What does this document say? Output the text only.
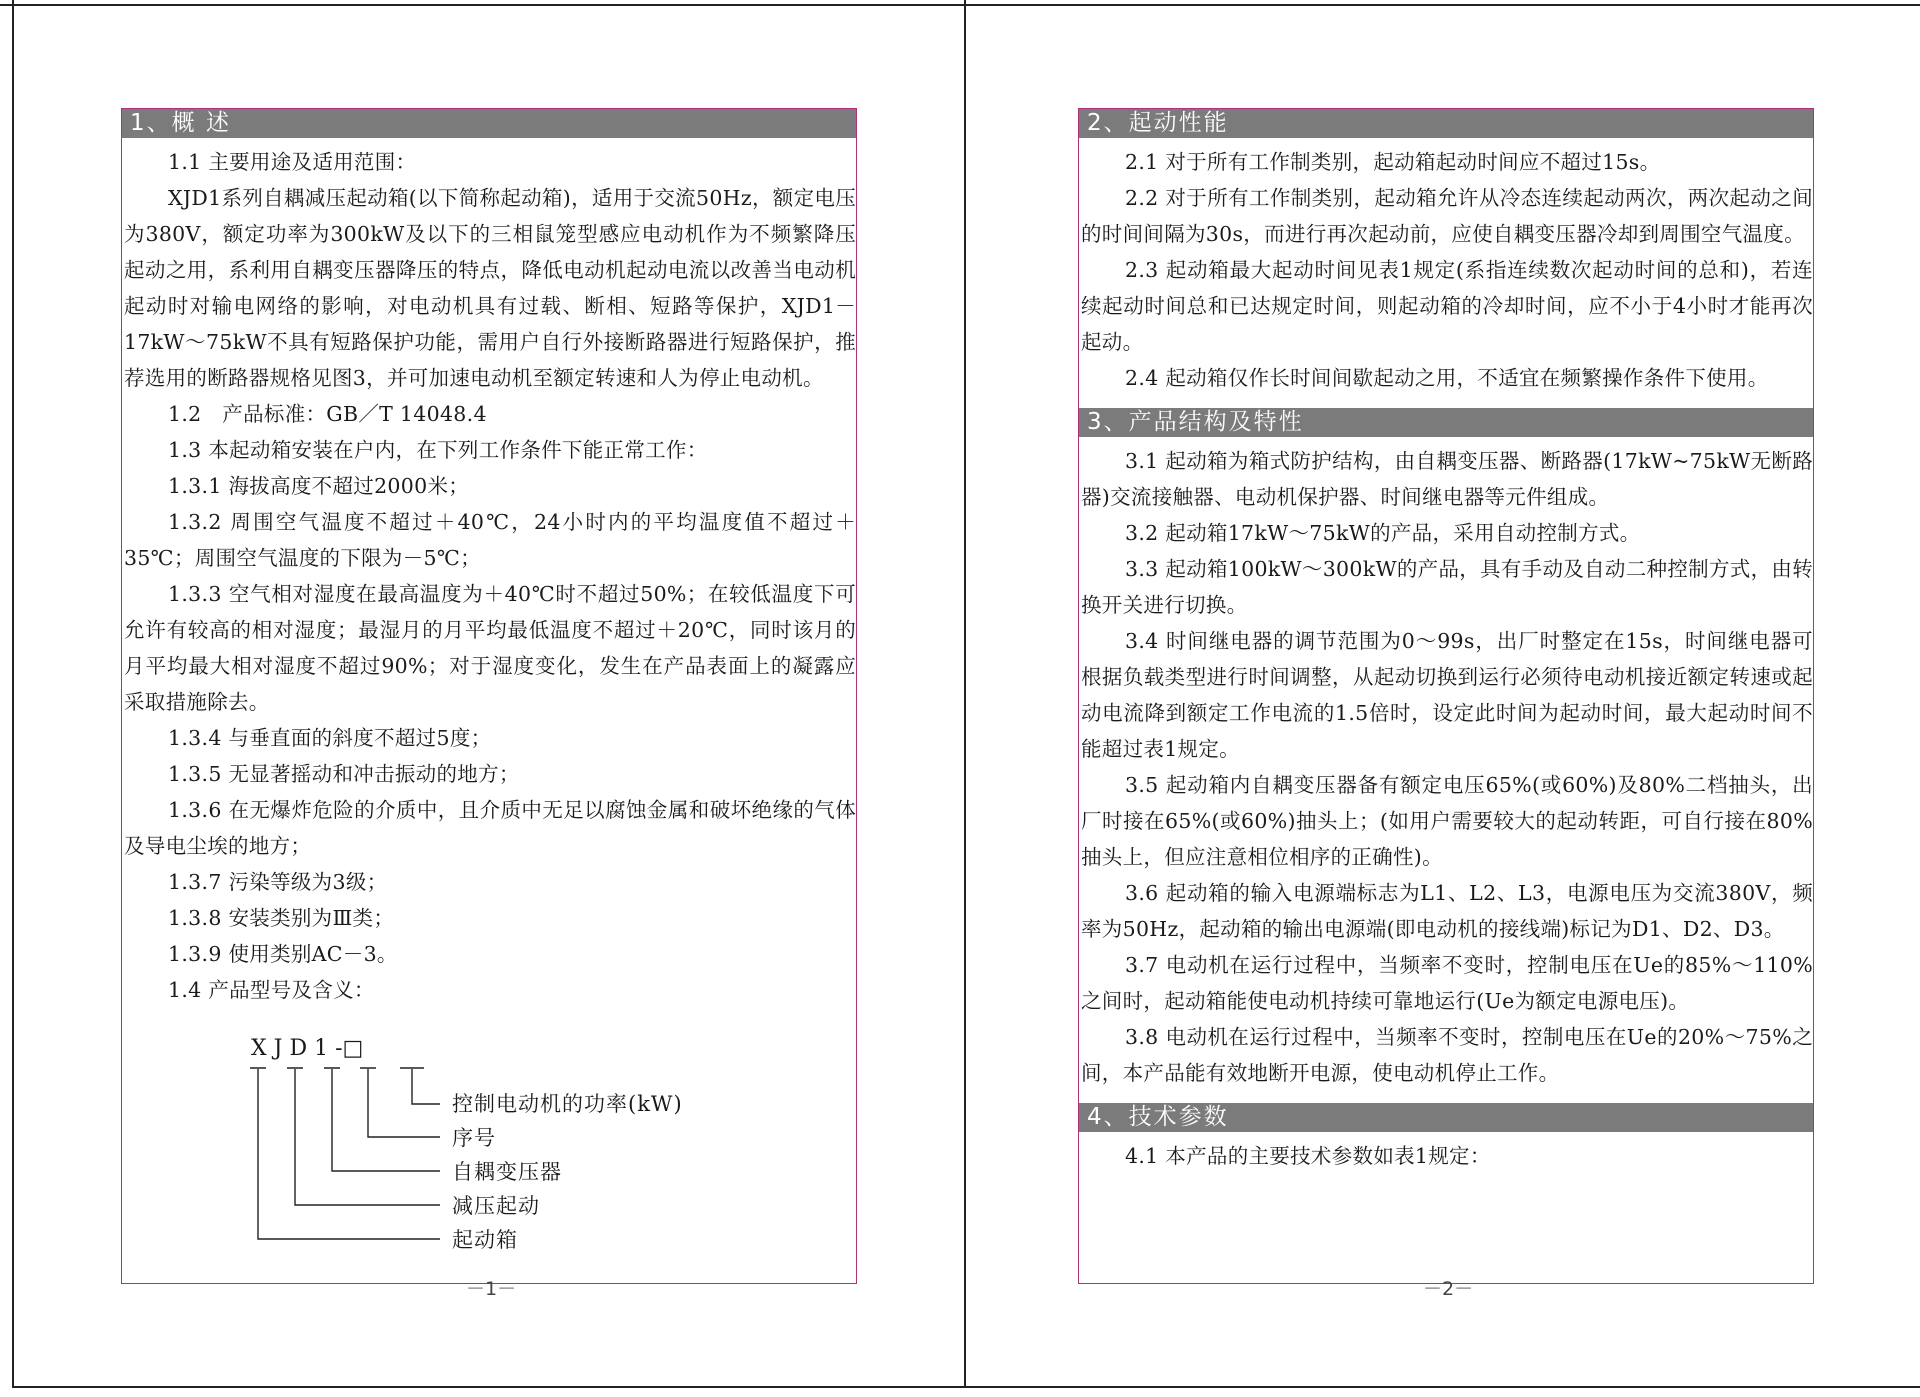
1、概 述

1.1 主要用途及适用范围：

XJD1系列自耦减压起动箱(以下简称起动箱)，适用于交流50Hz，额定电压为380V，额定功率为300kW及以下的三相鼠笼型感应电动机作为不频繁降压起动之用，系利用自耦变压器降压的特点，降低电动机起动电流以改善当电动机起动时对输电网络的影响，对电动机具有过载、断相、短路等保护，XJD1－17kW～75kW不具有短路保护功能，需用户自行外接断路器进行短路保护，推荐选用的断路器规格见图3，并可加速电动机至额定转速和人为停止电动机。

1.2　产品标准：GB／T 14048.4

1.3 本起动箱安装在户内，在下列工作条件下能正常工作：

1.3.1 海拔高度不超过2000米；

1.3.2 周围空气温度不超过＋40℃，24小时内的平均温度值不超过＋35℃；周围空气温度的下限为－5℃；

1.3.3 空气相对湿度在最高温度为＋40℃时不超过50%；在较低温度下可允许有较高的相对湿度；最湿月的月平均最低温度不超过＋20℃，同时该月的月平均最大相对湿度不超过90%；对于湿度变化，发生在产品表面上的凝露应采取措施除去。

1.3.4 与垂直面的斜度不超过5度；

1.3.5 无显著摇动和冲击振动的地方；

1.3.6 在无爆炸危险的介质中，且介质中无足以腐蚀金属和破坏绝缘的气体及导电尘埃的地方；

1.3.7 污染等级为3级；

1.3.8 安装类别为Ⅲ类；

1.3.9 使用类别AC－3。

1.4 产品型号及含义：

X J D 1 -□
控制电动机的功率(kW)
序号
自耦变压器
减压起动
起动箱
－1－
2、起动性能

2.1 对于所有工作制类别，起动箱起动时间应不超过15s。

2.2 对于所有工作制类别，起动箱允许从冷态连续起动两次，两次起动之间的时间间隔为30s，而进行再次起动前，应使自耦变压器冷却到周围空气温度。

2.3 起动箱最大起动时间见表1规定(系指连续数次起动时间的总和)，若连续起动时间总和已达规定时间，则起动箱的冷却时间，应不小于4小时才能再次起动。

2.4 起动箱仅作长时间间歇起动之用，不适宜在频繁操作条件下使用。

3、产品结构及特性

3.1 起动箱为箱式防护结构，由自耦变压器、断路器(17kW~75kW无断路器)交流接触器、电动机保护器、时间继电器等元件组成。

3.2 起动箱17kW～75kW的产品，采用自动控制方式。

3.3 起动箱100kW～300kW的产品，具有手动及自动二种控制方式，由转换开关进行切换。

3.4 时间继电器的调节范围为0～99s，出厂时整定在15s，时间继电器可根据负载类型进行时间调整，从起动切换到运行必须待电动机接近额定转速或起动电流降到额定工作电流的1.5倍时，设定此时间为起动时间，最大起动时间不能超过表1规定。

3.5 起动箱内自耦变压器备有额定电压65%(或60%)及80%二档抽头，出厂时接在65%(或60%)抽头上；(如用户需要较大的起动转距，可自行接在80%抽头上，但应注意相位相序的正确性)。

3.6 起动箱的输入电源端标志为L1、L2、L3，电源电压为交流380V，频率为50Hz，起动箱的输出电源端(即电动机的接线端)标记为D1、D2、D3。

3.7 电动机在运行过程中，当频率不变时，控制电压在Ue的85%～110%之间时，起动箱能使电动机持续可靠地运行(Ue为额定电源电压)。

3.8 电动机在运行过程中，当频率不变时，控制电压在Ue的20%～75%之间，本产品能有效地断开电源，使电动机停止工作。

4、技术参数

4.1 本产品的主要技术参数如表1规定：

－2－
